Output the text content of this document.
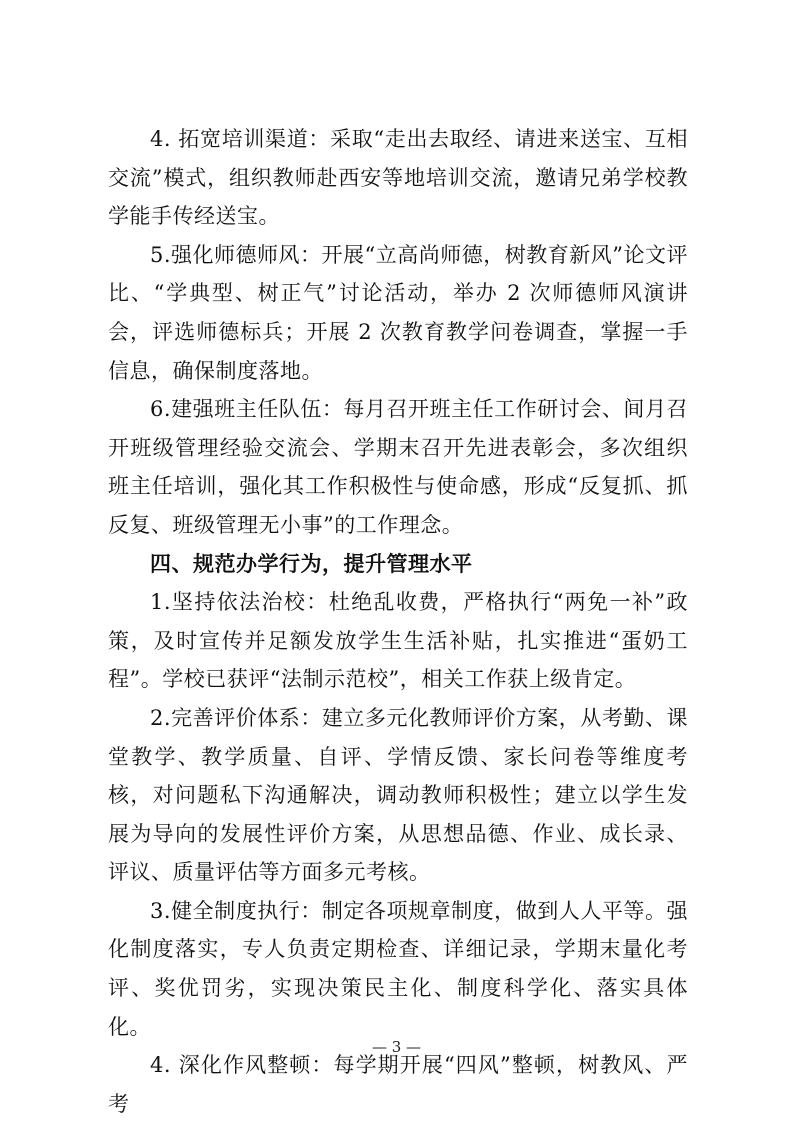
4. 拓宽培训渠道：采取“走出去取经、请进来送宝、互相交流”模式，组织教师赴西安等地培训交流，邀请兄弟学校教学能手传经送宝。

5.强化师德师风：开展“立高尚师德，树教育新风”论文评比、“学典型、树正气”讨论活动，举办 2 次师德师风演讲会，评选师德标兵；开展 2 次教育教学问卷调查，掌握一手信息，确保制度落地。

6.建强班主任队伍：每月召开班主任工作研讨会、间月召开班级管理经验交流会、学期末召开先进表彰会，多次组织班主任培训，强化其工作积极性与使命感，形成“反复抓、抓反复、班级管理无小事”的工作理念。

四、规范办学行为，提升管理水平

1.坚持依法治校：杜绝乱收费，严格执行“两免一补”政策，及时宣传并足额发放学生生活补贴，扎实推进“蛋奶工程”。学校已获评“法制示范校”，相关工作获上级肯定。

2.完善评价体系：建立多元化教师评价方案，从考勤、课堂教学、教学质量、自评、学情反馈、家长问卷等维度考核，对问题私下沟通解决，调动教师积极性；建立以学生发展为导向的发展性评价方案，从思想品德、作业、成长录、评议、质量评估等方面多元考核。

3.健全制度执行：制定各项规章制度，做到人人平等。强化制度落实，专人负责定期检查、详细记录，学期末量化考评、奖优罚劣，实现决策民主化、制度科学化、落实具体化。

4. 深化作风整顿：每学期开展“四风”整顿，树教风、严考

— 3 —
